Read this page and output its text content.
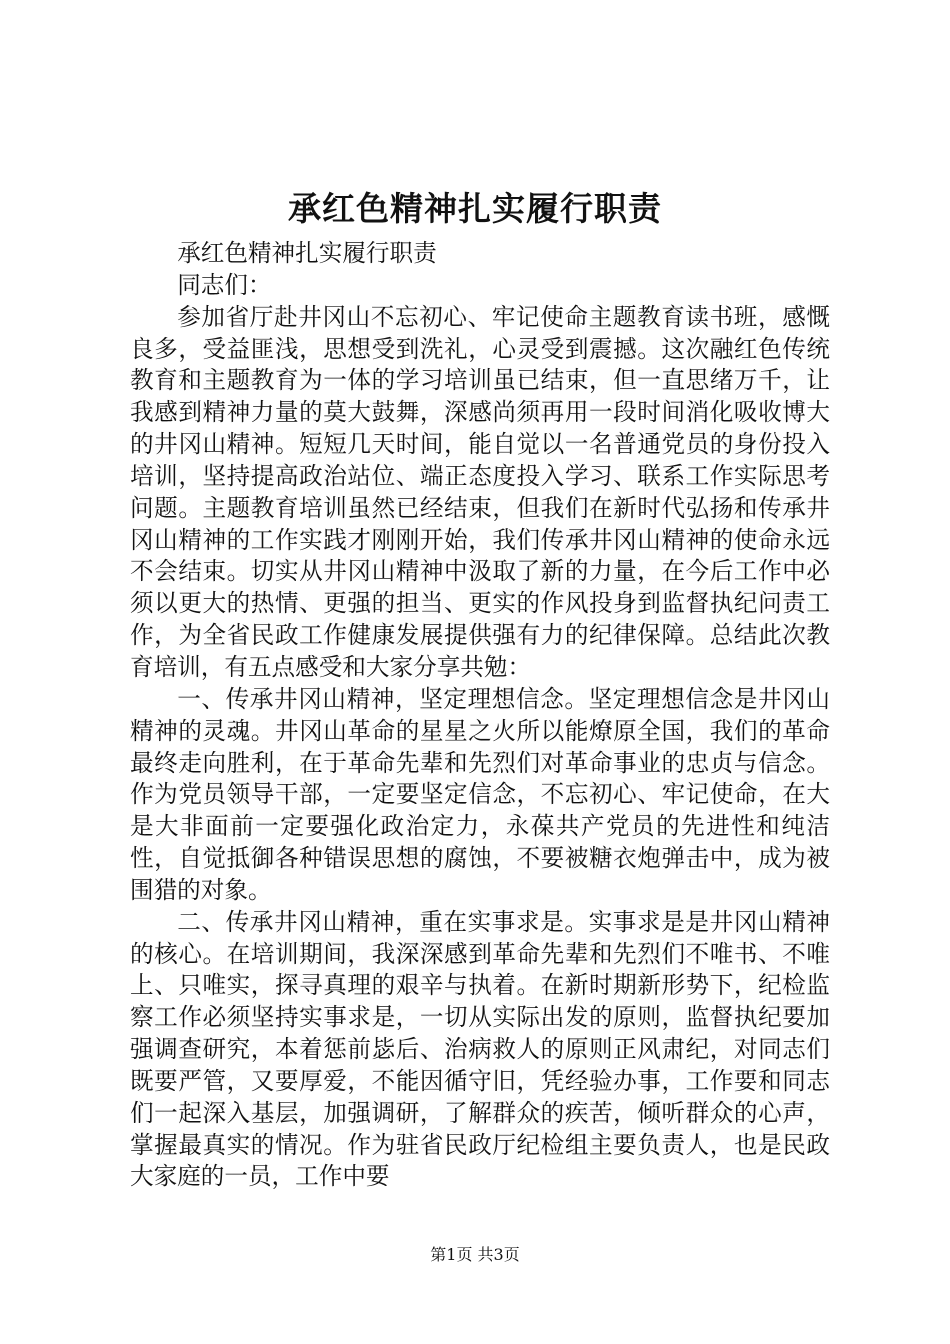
承红色精神扎实履行职责

承红色精神扎实履行职责

同志们：

参加省厅赴井冈山不忘初心、牢记使命主题教育读书班，感慨良多，受益匪浅，思想受到洗礼，心灵受到震撼。这次融红色传统教育和主题教育为一体的学习培训虽已结束，但一直思绪万千，让我感到精神力量的莫大鼓舞，深感尚须再用一段时间消化吸收博大的井冈山精神。短短几天时间，能自觉以一名普通党员的身份投入培训，坚持提高政治站位、端正态度投入学习、联系工作实际思考问题。主题教育培训虽然已经结束，但我们在新时代弘扬和传承井冈山精神的工作实践才刚刚开始，我们传承井冈山精神的使命永远不会结束。切实从井冈山精神中汲取了新的力量，在今后工作中必须以更大的热情、更强的担当、更实的作风投身到监督执纪问责工作，为全省民政工作健康发展提供强有力的纪律保障。总结此次教育培训，有五点感受和大家分享共勉：

一、传承井冈山精神，坚定理想信念。坚定理想信念是井冈山精神的灵魂。井冈山革命的星星之火所以能燎原全国，我们的革命最终走向胜利，在于革命先辈和先烈们对革命事业的忠贞与信念。作为党员领导干部，一定要坚定信念，不忘初心、牢记使命，在大是大非面前一定要强化政治定力，永葆共产党员的先进性和纯洁性，自觉抵御各种错误思想的腐蚀，不要被糖衣炮弹击中，成为被围猎的对象。

二、传承井冈山精神，重在实事求是。实事求是是井冈山精神的核心。在培训期间，我深深感到革命先辈和先烈们不唯书、不唯上、只唯实，探寻真理的艰辛与执着。在新时期新形势下，纪检监察工作必须坚持实事求是，一切从实际出发的原则，监督执纪要加强调查研究，本着惩前毖后、治病救人的原则正风肃纪，对同志们既要严管，又要厚爱，不能因循守旧，凭经验办事，工作要和同志们一起深入基层，加强调研，了解群众的疾苦，倾听群众的心声，掌握最真实的情况。作为驻省民政厅纪检组主要负责人，也是民政大家庭的一员，工作中要

第1页 共3页
